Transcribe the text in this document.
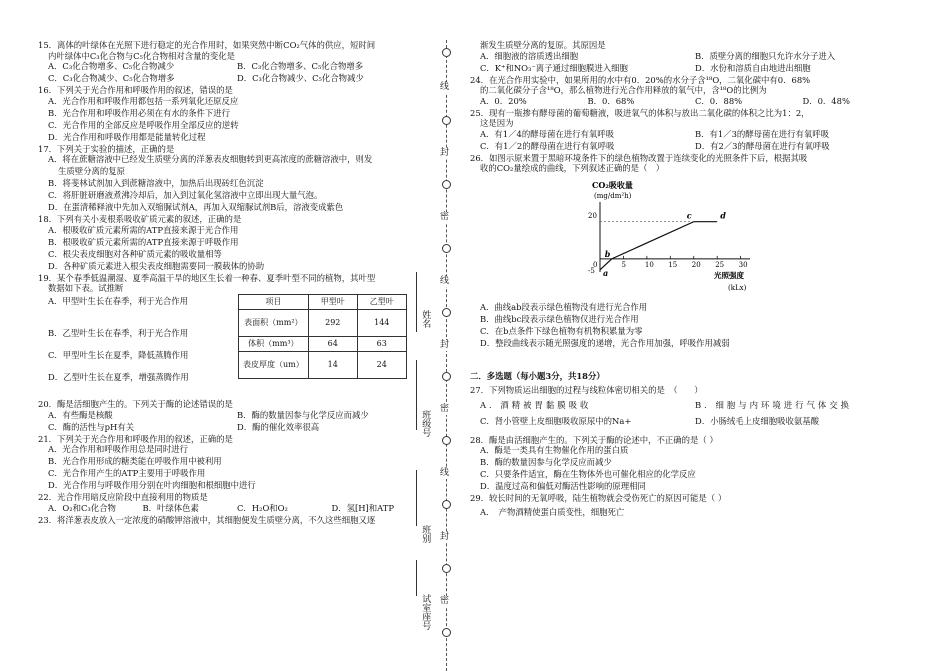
15．离体的叶绿体在光照下进行稳定的光合作用时，如果突然中断CO₂气体的供应，短时间
内叶绿体中C₃化合物与C₅化合物相对含量的变化是
A．C₃化合物增多、C₅化合物减少	B．C₃化合物增多、C₅化合物增多
C．C₃化合物减少、C₅化合物增多	D．C₃化合物减少、C₅化合物减少
16．下列关于光合作用和呼吸作用的叙述，错误的是
A．光合作用和呼吸作用都包括一系列氧化还原反应
B．光合作用和呼吸作用必须在有水的条件下进行
C．光合作用的全部反应是呼吸作用全部反应的逆转
D．光合作用和呼吸作用都是能量转化过程
17．下列关于实验的描述，正确的是
A．将在蔗糖溶液中已经发生质壁分离的洋葱表皮细胞转到更高浓度的蔗糖溶液中，则发
生质壁分离的复原
B．将斐林试剂加入到蔗糖溶液中，加热后出现砖红色沉淀
C．将肝脏研磨液煮沸冷却后，加入到过氧化氢溶液中立即出现大量气泡。
D．在蛋清稀释液中先加入双缩脲试剂A，再加入双缩脲试剂B后，溶液变成紫色
18．下列有关小麦根系吸收矿质元素的叙述，正确的是
A．根吸收矿质元素所需的ATP直接来源于光合作用
B．根吸收矿质元素所需的ATP直接来源于呼吸作用
C．根尖表皮细胞对各种矿质元素的吸收量相等
D．各种矿质元素进入根尖表皮细胞需要同一膜载体的协助
19．某个春季低温潮湿、夏季高温干旱的地区生长着一种春、夏季叶型不同的植物，其叶型
数据如下表。试推断
A．甲型叶生长在春季，利于光合作用
B．乙型叶生长在春季，利于光合作用
C．甲型叶生长在夏季，降低蒸腾作用
D．乙型叶生长在夏季，增强蒸腾作用
项目	甲型叶	乙型叶
表面积（mm²）	292	144
体积（mm³）	64	63
表皮厚度（um）	14	24
20．酶是活细胞产生的。下列关于酶的论述错误的是
A．有些酶是核酸	B．酶的数量因参与化学反应而减少
C．酶的活性与pH有关	D．酶的催化效率很高
21．下列关于光合作用和呼吸作用的叙述，正确的是
A．光合作用和呼吸作用总是同时进行
B．光合作用形成的糖类能在呼吸作用中被利用
C．光合作用产生的ATP主要用于呼吸作用
D．光合作用与呼吸作用分别在叶肉细胞和根细胞中进行
22．光合作用暗反应阶段中直接利用的物质是
A．O₂和C₃化合物	B．叶绿体色素	C．H₂O和O₂	D．氢[H]和ATP
23．将洋葱表皮放入一定浓度的硝酸钾溶液中，其细胞便发生质壁分离，不久这些细胞又逐
线
封
密
线
封
密
线
封
密
姓名
班级号
班别
试室座号
渐发生质壁分离的复原。其原因是
A．细胞液的溶质透出细胞	B．质壁分离的细胞只允许水分子进入
C．K⁺和NO₃⁻离子通过细胞膜进入细胞	D．水份和溶质自由地进出细胞
24．在光合作用实验中，如果所用的水中有0．20%的水分子含¹⁸O，二氧化碳中有0．68%
的二氧化碳分子含¹⁸O，那么植物进行光合作用释放的氧气中，含¹⁸O的比例为
A．0．20%	B．0．68%	C．0．88%	D．0．48%
25．现有一瓶掺有酵母菌的葡萄糖液，吸进氧气的体积与放出二氧化碳的体积之比为1：2，
这是因为
A．有1／4的酵母菌在进行有氧呼吸	B．有1／3的酵母菌在进行有氧呼吸
C．有1／2的酵母菌在进行有氧呼吸	D．有2／3的酵母菌在进行有氧呼吸
26．如图示原来置于黑暗环境条件下的绿色植物改置于连续变化的光照条件下后，根据其吸
收的CO₂量绘成的曲线，下列叙述正确的是（　）
CO₂吸收量
(mg/dm²h)
光照强度
(kLx)
0	5	10 15 20 25 30
20
-5 a
b
c	d
A．曲线ab段表示绿色植物没有进行光合作用
B．曲线bc段表示绿色植物仅进行光合作用
C．在b点条件下绿色植物有机物积累量为零
D．整段曲线表示随光照强度的递增，光合作用加强，呼吸作用减弱
二．多选题（每小题3分，共18分）
27．下列物质运出细胞的过程与线粒体密切相关的是　（　　）
A．酒精被胃黏膜吸收	B．细胞与内环境进行气体交换
C．肾小管壁上皮细胞吸收原尿中的Na+	D．小肠绒毛上皮细胞吸收氨基酸
28．酶是由活细胞产生的。下列关于酶的论述中，不正确的是（ ）
A．酶是一类具有生物催化作用的蛋白质
B．酶的数量因参与化学反应而减少
C．只要条件适宜，酶在生物体外也可催化相应的化学反应
D．温度过高和偏低对酶活性影响的原理相同
29．较长时间的无氧呼吸，陆生植物就会受伤死亡的原因可能是（ ）
A．　产物酒精使蛋白质变性，细胞死亡
